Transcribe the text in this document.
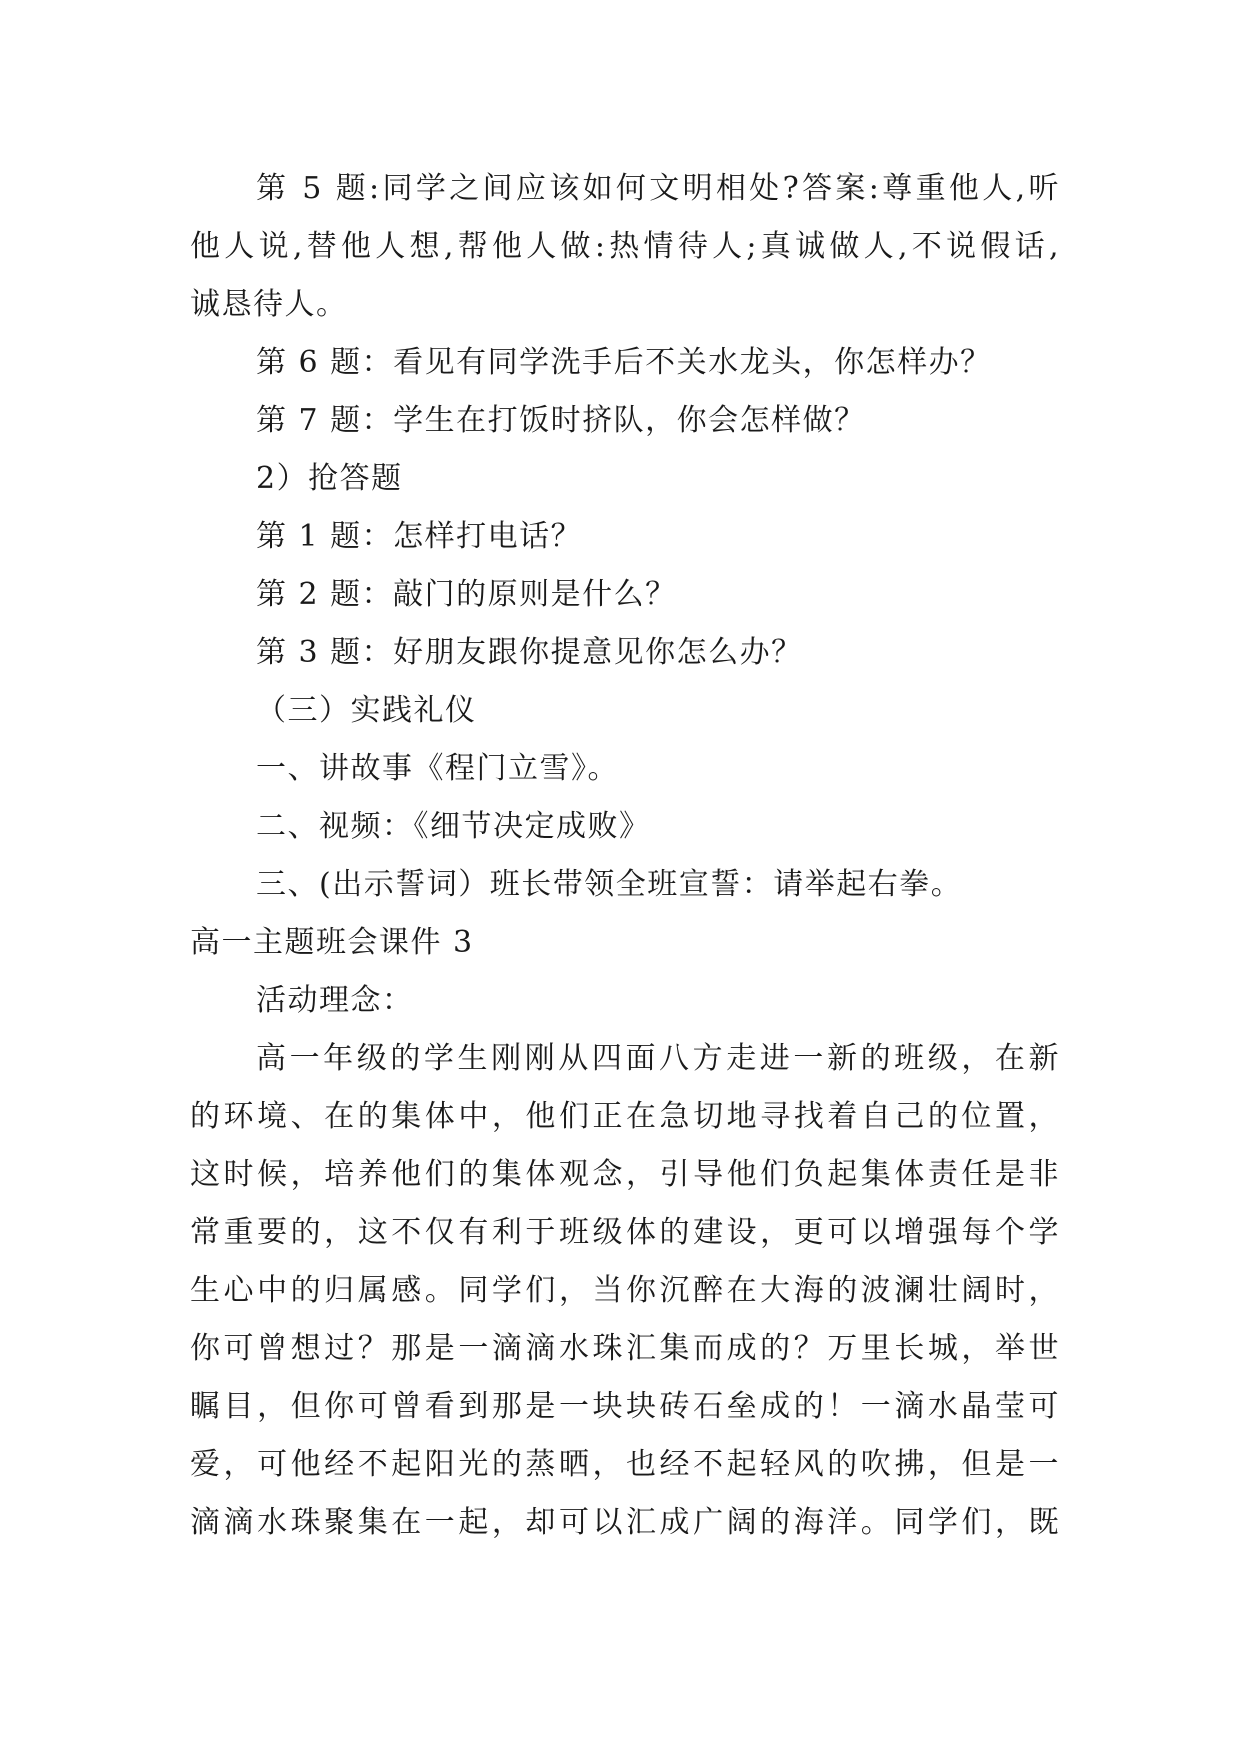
第 5 题:同学之间应该如何文明相处?答案:尊重他人,听
他人说,替他人想,帮他人做:热情待人;真诚做人,不说假话,
诚恳待人。
第 6 题：看见有同学洗手后不关水龙头，你怎样办？
第 7 题：学生在打饭时挤队，你会怎样做？
2）抢答题
第 1 题：怎样打电话？
第 2 题：敲门的原则是什么？
第 3 题：好朋友跟你提意见你怎么办？
（三）实践礼仪
一、讲故事《程门立雪》。
二、视频：《细节决定成败》
三、(出示誓词）班长带领全班宣誓：请举起右拳。
高一主题班会课件 3
活动理念：
高一年级的学生刚刚从四面八方走进一新的班级，在新
的环境、在的集体中，他们正在急切地寻找着自己的位置，
这时候，培养他们的集体观念，引导他们负起集体责任是非
常重要的，这不仅有利于班级体的建设，更可以增强每个学
生心中的归属感。同学们，当你沉醉在大海的波澜壮阔时，
你可曾想过？那是一滴滴水珠汇集而成的？万里长城，举世
瞩目，但你可曾看到那是一块块砖石垒成的！一滴水晶莹可
爱，可他经不起阳光的蒸晒，也经不起轻风的吹拂，但是一
滴滴水珠聚集在一起，却可以汇成广阔的海洋。同学们，既
